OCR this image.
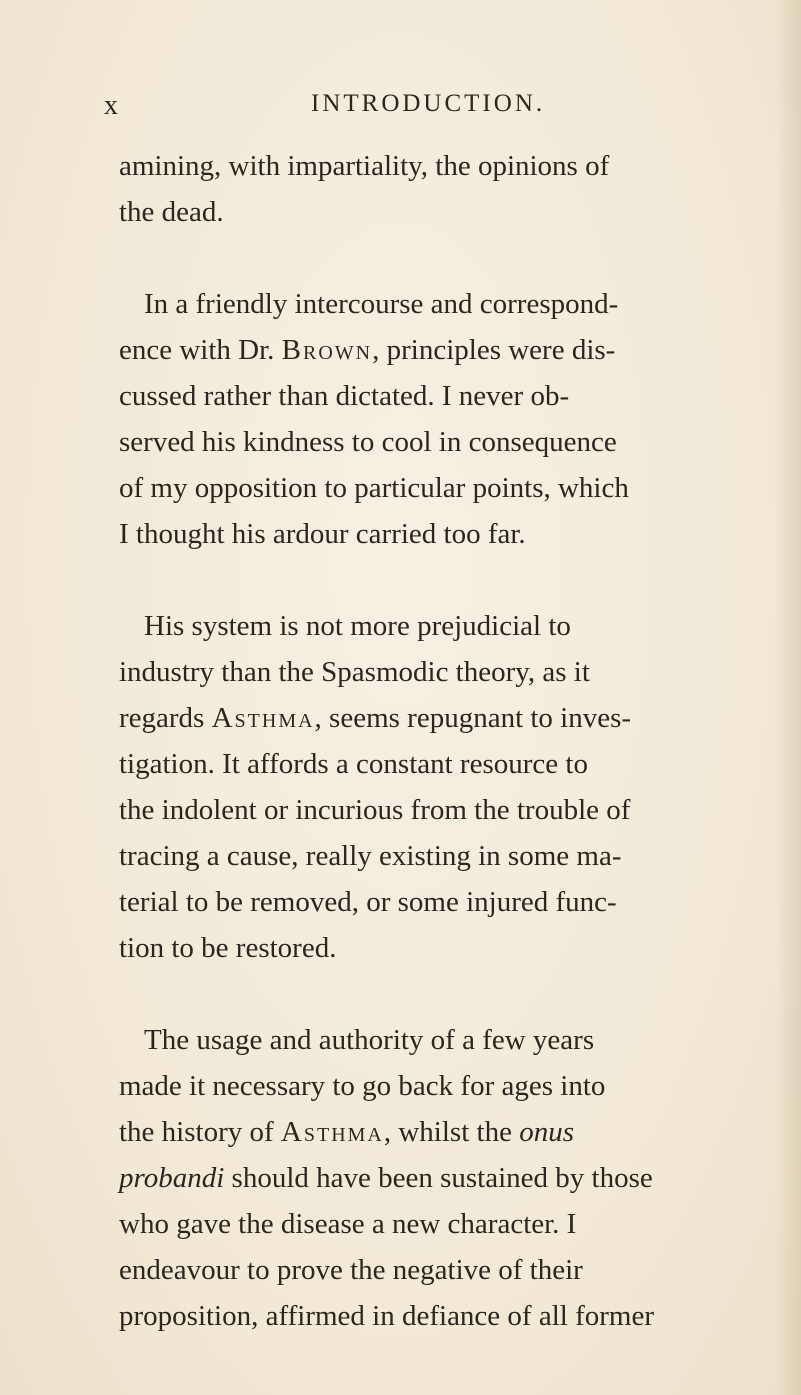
x	INTRODUCTION.
amining, with impartiality, the opinions of
the dead.
In a friendly intercourse and correspond-
ence with Dr. Brown, principles were dis-
cussed rather than dictated. I never ob-
served his kindness to cool in consequence
of my opposition to particular points, which
I thought his ardour carried too far.
His system is not more prejudicial to
industry than the Spasmodic theory, as it
regards Asthma, seems repugnant to inves-
tigation. It affords a constant resource to
the indolent or incurious from the trouble of
tracing a cause, really existing in some ma-
terial to be removed, or some injured func-
tion to be restored.
The usage and authority of a few years
made it necessary to go back for ages into
the history of Asthma, whilst the onus
probandi should have been sustained by those
who gave the disease a new character. I
endeavour to prove the negative of their
proposition, affirmed in defiance of all former
